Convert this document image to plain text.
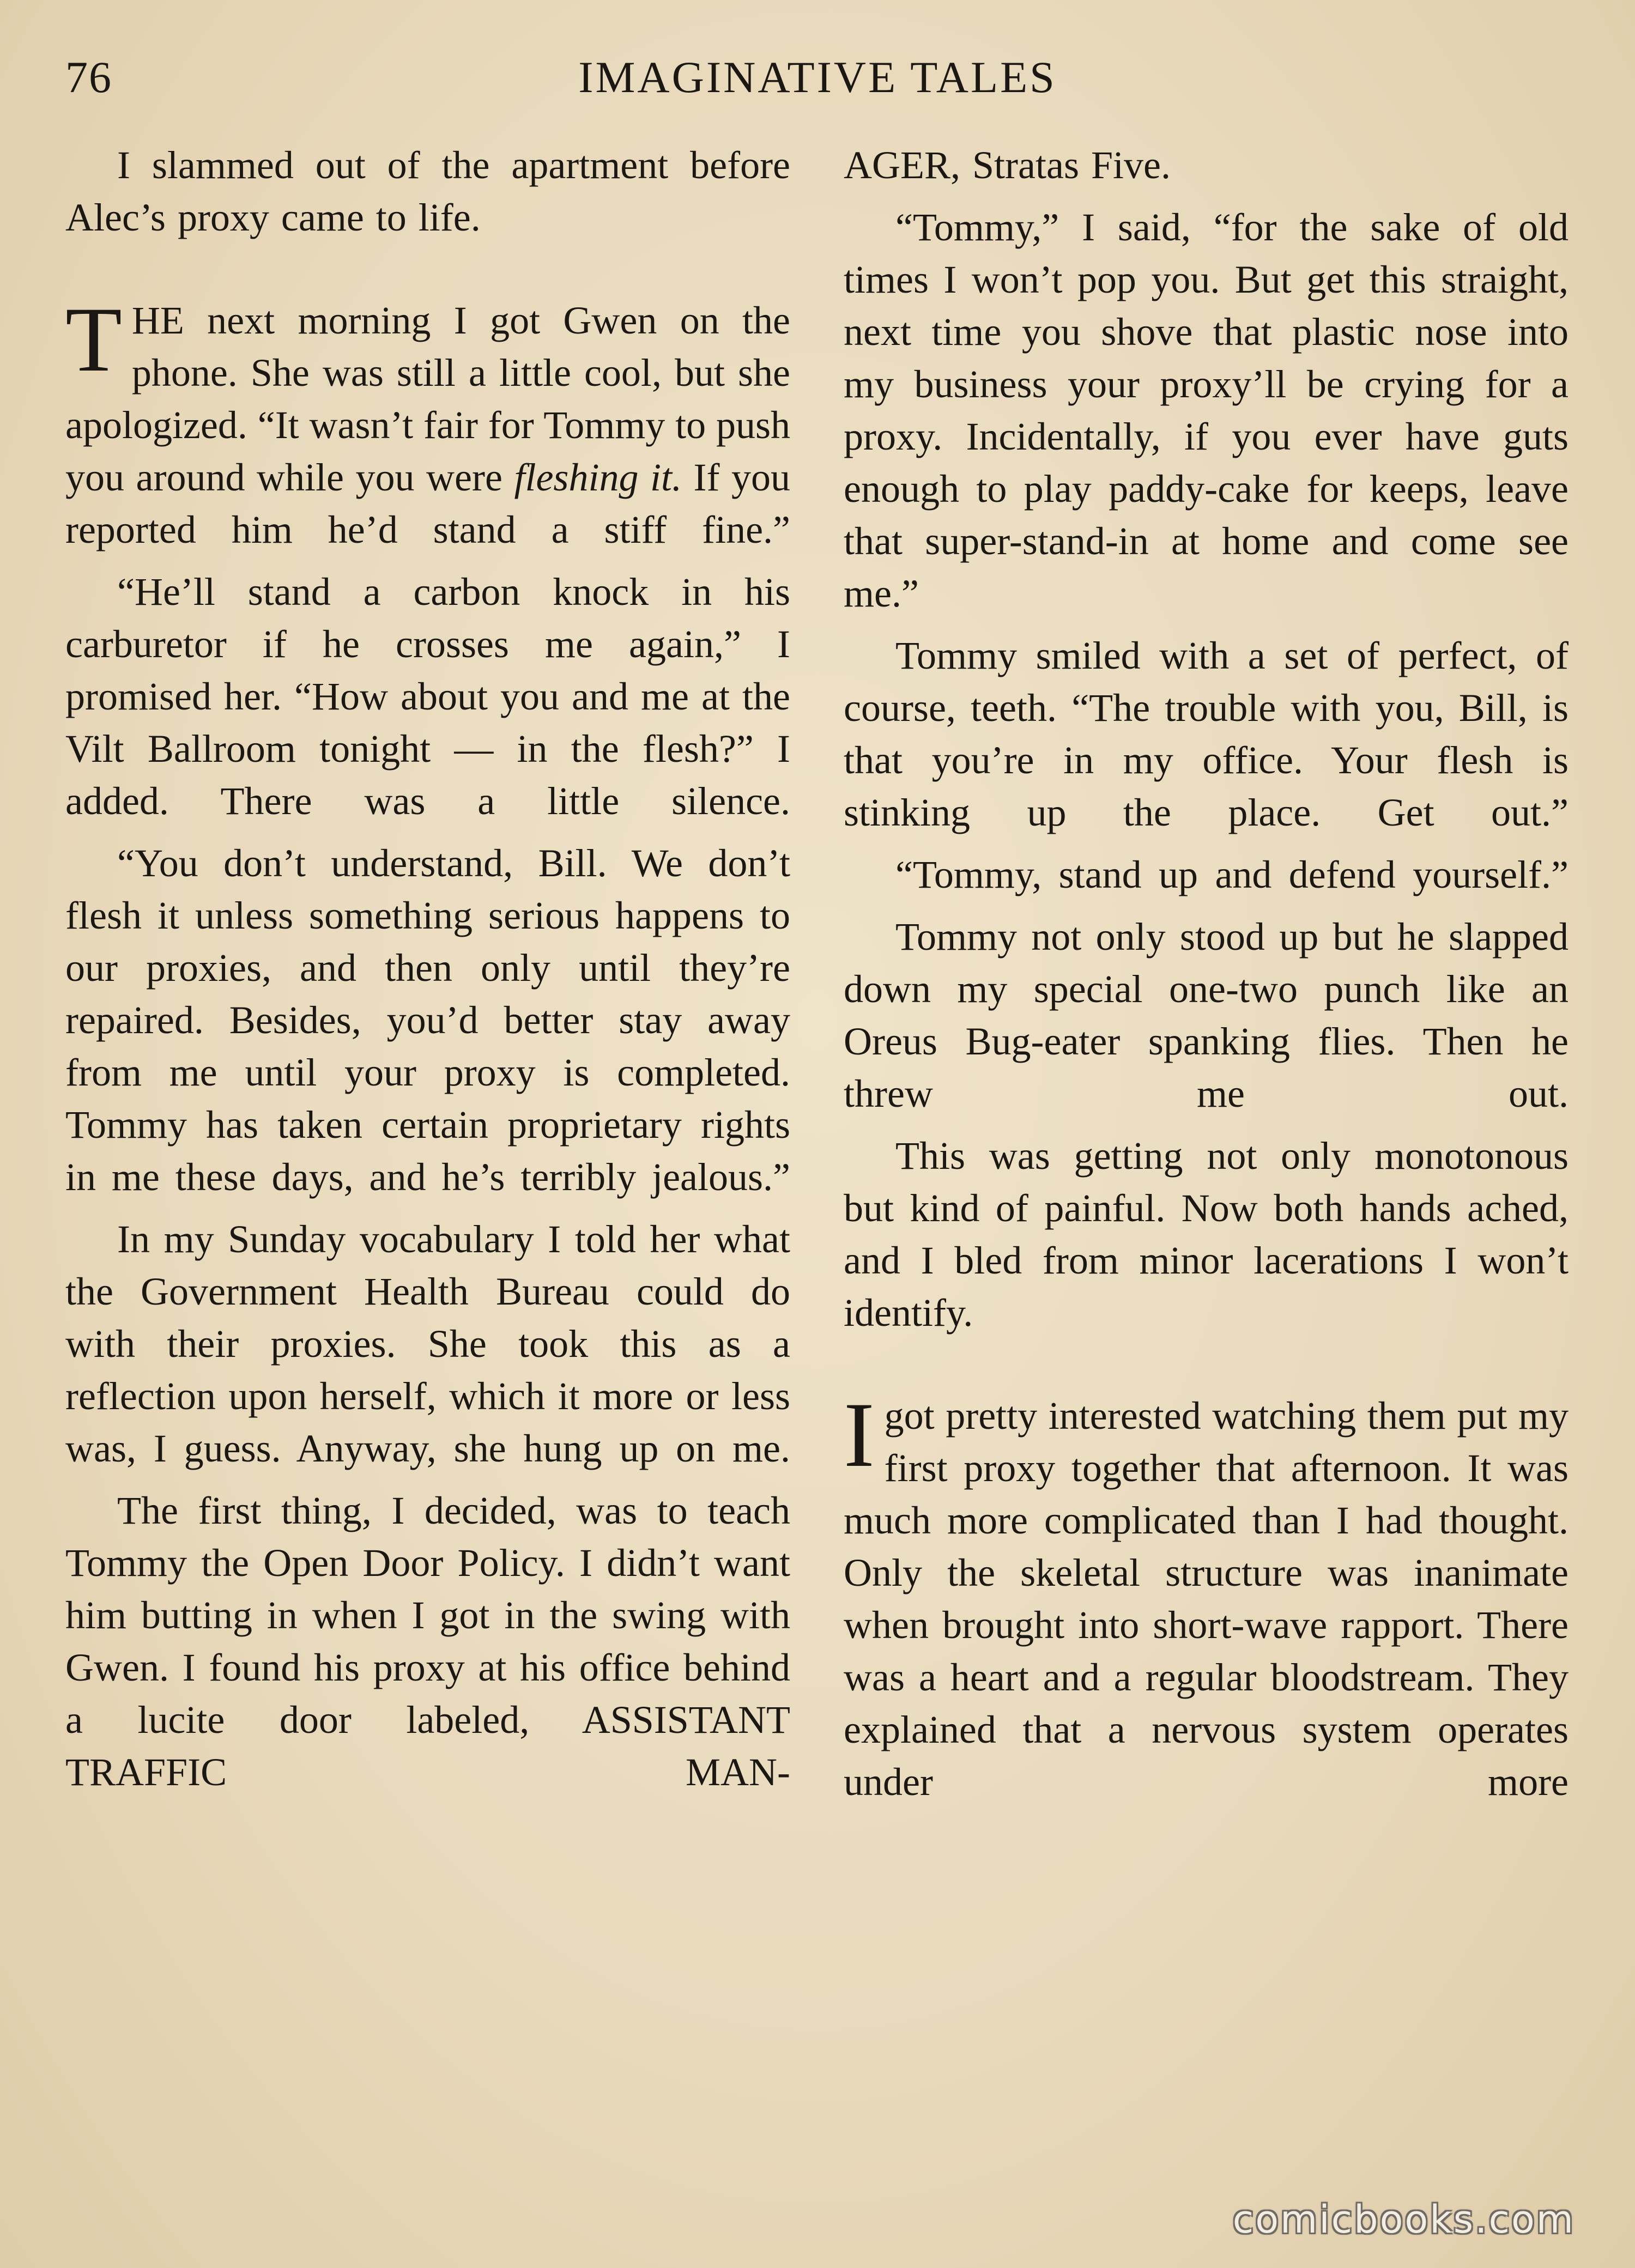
76	IMAGINATIVE TALES

I slammed out of the apartment before Alec’s proxy came to life.

THE next morning I got Gwen on the phone. She was still a little cool, but she apologized. “It wasn’t fair for Tommy to push you around while you were fleshing it. If you reported him he’d stand a stiff fine.”

“He’ll stand a carbon knock in his carburetor if he crosses me again,” I promised her. “How about you and me at the Vilt Ballroom tonight — in the flesh?” I added. There was a little silence.

“You don’t understand, Bill. We don’t flesh it unless something serious happens to our proxies, and then only until they’re repaired. Besides, you’d better stay away from me until your proxy is completed. Tommy has taken certain proprietary rights in me these days, and he’s terribly jealous.”

In my Sunday vocabulary I told her what the Government Health Bureau could do with their proxies. She took this as a reflection upon herself, which it more or less was, I guess. Anyway, she hung up on me.

The first thing, I decided, was to teach Tommy the Open Door Policy. I didn’t want him butting in when I got in the swing with Gwen. I found his proxy at his office behind a lucite door labeled, ASSISTANT TRAFFIC MAN-

AGER, Stratas Five.

“Tommy,” I said, “for the sake of old times I won’t pop you. But get this straight, next time you shove that plastic nose into my business your proxy’ll be crying for a proxy. Incidentally, if you ever have guts enough to play paddy-cake for keeps, leave that super-stand-in at home and come see me.”

Tommy smiled with a set of perfect, of course, teeth. “The trouble with you, Bill, is that you’re in my office. Your flesh is stinking up the place. Get out.”

“Tommy, stand up and defend yourself.”

Tommy not only stood up but he slapped down my special one-two punch like an Oreus Bug-eater spanking flies. Then he threw me out.

This was getting not only monotonous but kind of painful. Now both hands ached, and I bled from minor lacerations I won’t identify.

I got pretty interested watching them put my first proxy together that afternoon. It was much more complicated than I had thought. Only the skeletal structure was inanimate when brought into short-wave rapport. There was a heart and a regular bloodstream. They explained that a nervous system operates under more

comicbooks.com
